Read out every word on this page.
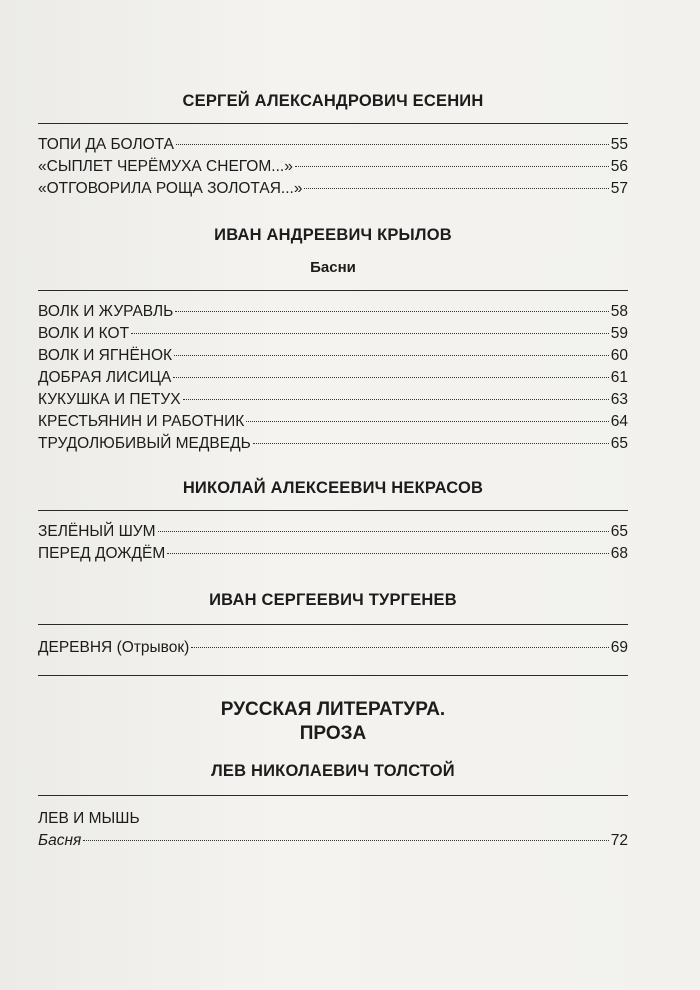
СЕРГЕЙ АЛЕКСАНДРОВИЧ ЕСЕНИН
ТОПИ ДА БОЛОТА	55
«СЫПЛЕТ ЧЕРЁМУХА СНЕГОМ...»	56
«ОТГОВОРИЛА РОЩА ЗОЛОТАЯ...»	57
ИВАН АНДРЕЕВИЧ КРЫЛОВ

Басни

ВОЛК И ЖУРАВЛЬ	58
ВОЛК И КОТ	59
ВОЛК И ЯГНЁНОК	60
ДОБРАЯ ЛИСИЦА	61
КУКУШКА И ПЕТУХ	63
КРЕСТЬЯНИН И РАБОТНИК	64
ТРУДОЛЮБИВЫЙ МЕДВЕДЬ	65
НИКОЛАЙ АЛЕКСЕЕВИЧ НЕКРАСОВ
ЗЕЛЁНЫЙ ШУМ	65
ПЕРЕД ДОЖДЁМ	68
ИВАН СЕРГЕЕВИЧ ТУРГЕНЕВ
ДЕРЕВНЯ (Отрывок)	69

РУССКАЯ ЛИТЕРАТУРА.

ПРОЗА

ЛЕВ НИКОЛАЕВИЧ ТОЛСТОЙ
ЛЕВ И МЫШЬ
Басня	72
